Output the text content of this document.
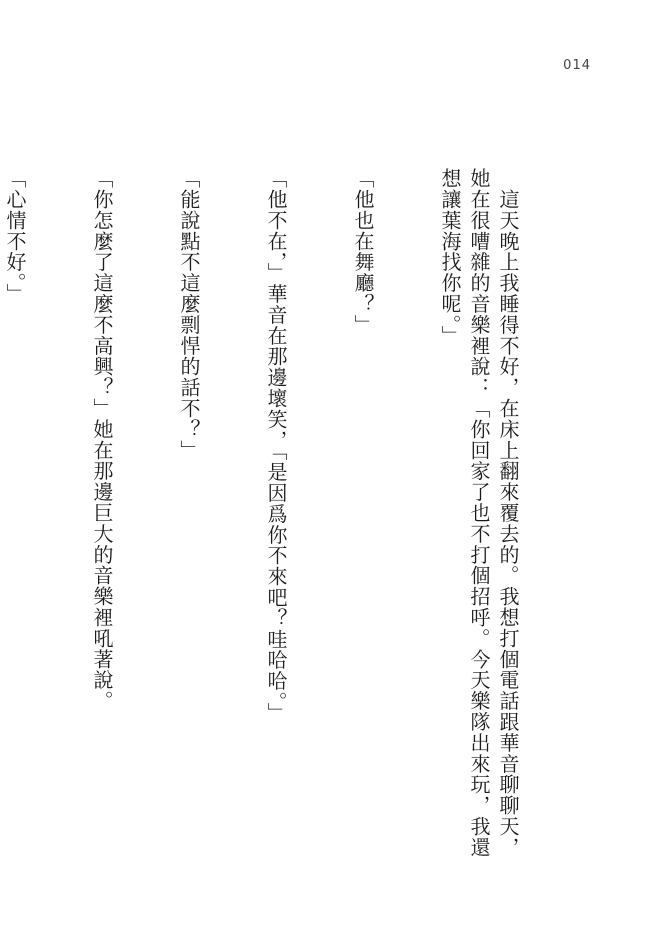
014

　這天晚上我睡得不好，在床上翻來覆去的。我想打個電話跟華音聊聊天，她在很嘈雜的音樂裡說：「你回家了也不打個招呼。今天樂隊出來玩，我還想讓葉海找你呢。」

「他也在舞廳？」

「他不在，」華音在那邊壞笑，「是因爲你不來吧？哇哈哈。」

「能說點不這麼剽悍的話不？」

「你怎麼了這麼不高興？」她在那邊巨大的音樂裡吼著說。

「心情不好。」
